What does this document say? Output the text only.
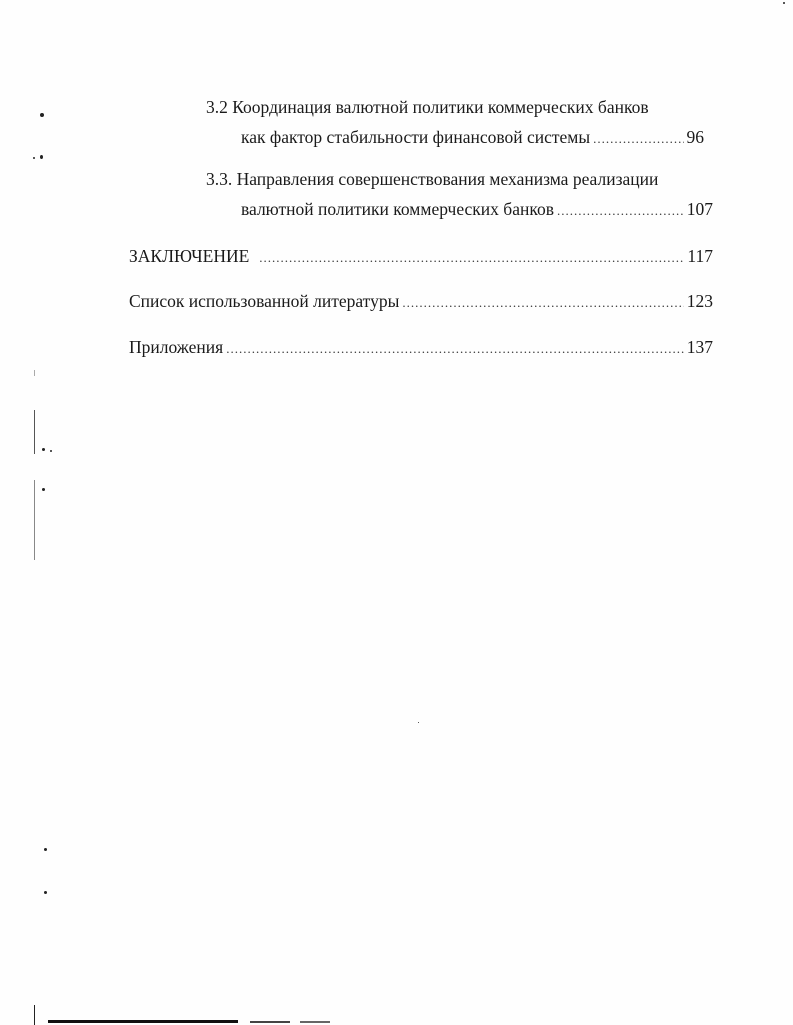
3.2 Координация валютной политики коммерческих банков
как фактор стабильности финансовой системы .....	96
3.3. Направления совершенствования механизма реализации
валютной политики коммерческих банков .....	107
ЗАКЛЮЧЕНИЕ .....	117
Список использованной литературы .....	123
Приложения .....	137
